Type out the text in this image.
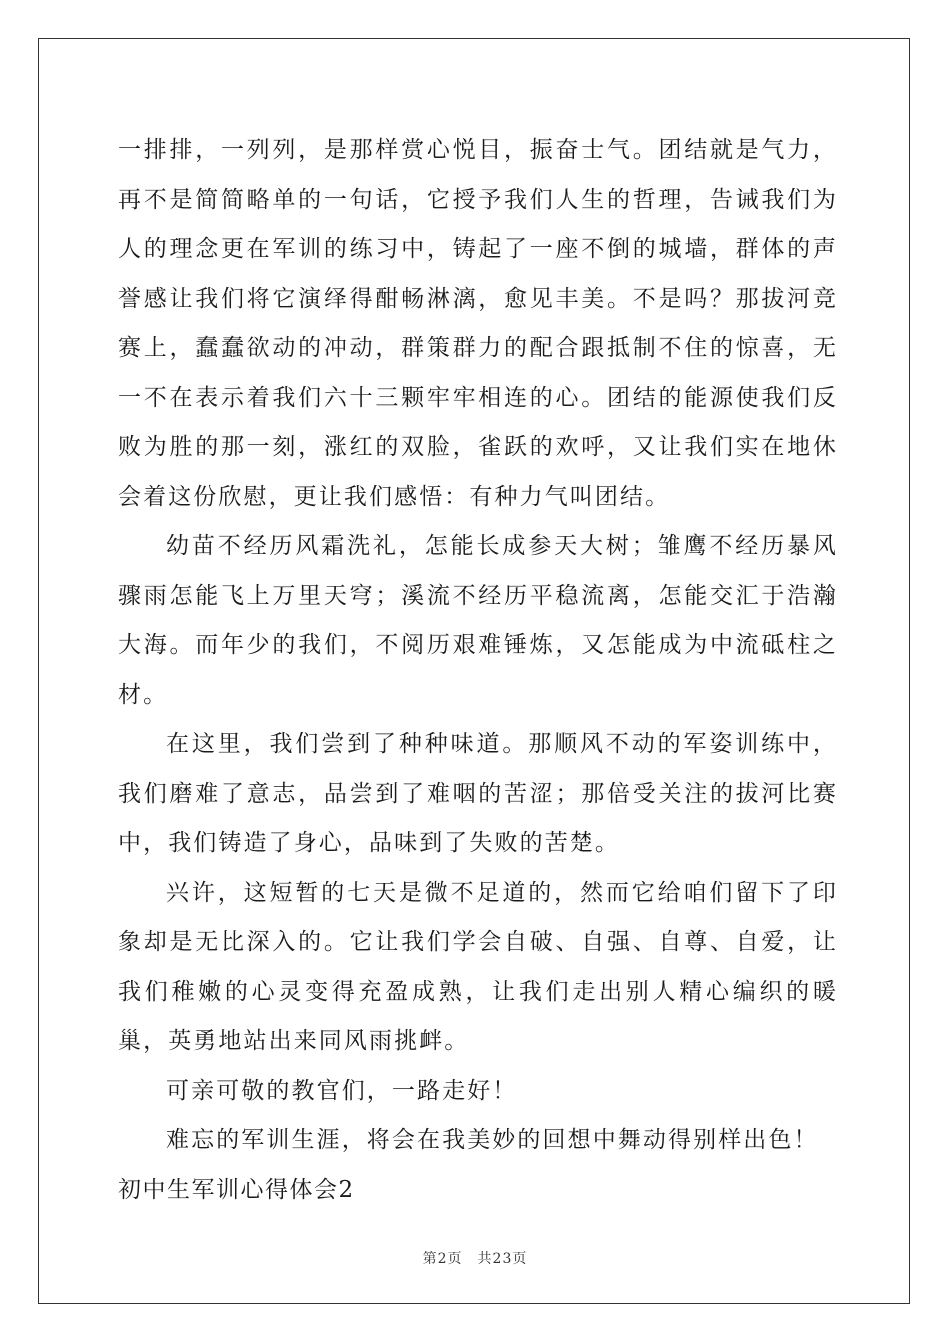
一排排，一列列，是那样赏心悦目，振奋士气。团结就是气力，再不是简简略单的一句话，它授予我们人生的哲理，告诫我们为人的理念更在军训的练习中，铸起了一座不倒的城墙，群体的声誉感让我们将它演绎得酣畅淋漓，愈见丰美。不是吗？那拔河竞赛上，蠢蠢欲动的冲动，群策群力的配合跟抵制不住的惊喜，无一不在表示着我们六十三颗牢牢相连的心。团结的能源使我们反败为胜的那一刻，涨红的双脸，雀跃的欢呼，又让我们实在地休会着这份欣慰，更让我们感悟：有种力气叫团结。

幼苗不经历风霜洗礼，怎能长成参天大树；雏鹰不经历暴风骤雨怎能飞上万里天穹；溪流不经历平稳流离，怎能交汇于浩瀚大海。而年少的我们，不阅历艰难锤炼，又怎能成为中流砥柱之材。

在这里，我们尝到了种种味道。那顺风不动的军姿训练中，我们磨难了意志，品尝到了难咽的苦涩；那倍受关注的拔河比赛中，我们铸造了身心，品味到了失败的苦楚。

兴许，这短暂的七天是微不足道的，然而它给咱们留下了印象却是无比深入的。它让我们学会自破、自强、自尊、自爱，让我们稚嫩的心灵变得充盈成熟，让我们走出别人精心编织的暖巢，英勇地站出来同风雨挑衅。

可亲可敬的教官们，一路走好！

难忘的军训生涯，将会在我美妙的回想中舞动得别样出色！

初中生军训心得体会2

第2页　共23页
